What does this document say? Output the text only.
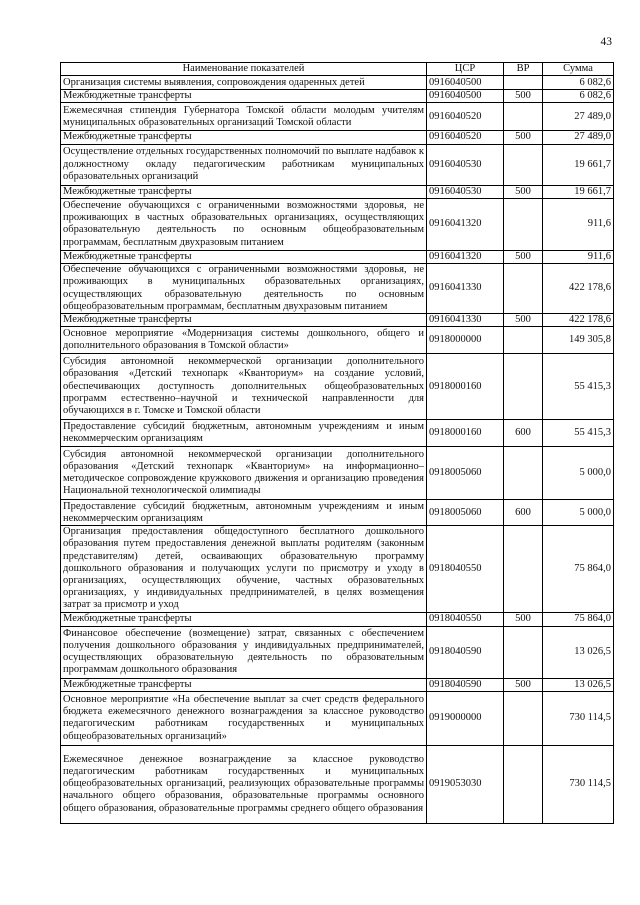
43
Наименование показателей	ЦСР	ВР	Сумма
Организация системы выявления, сопровождения одаренных детей	0916040500		6 082,6
Межбюджетные трансферты	0916040500	500	6 082,6
Ежемесячная стипендия Губернатора Томской области молодым учителям муниципальных образовательных организаций Томской области	0916040520		27 489,0
Межбюджетные трансферты	0916040520	500	27 489,0
Осуществление отдельных государственных полномочий по выплате надбавок к должностному окладу педагогическим работникам муниципальных образовательных организаций	0916040530		19 661,7
Межбюджетные трансферты	0916040530	500	19 661,7
Обеспечение обучающихся с ограниченными возможностями здоровья, не проживающих в частных образовательных организациях, осуществляющих образовательную деятельность по основным общеобразовательным программам, бесплатным двухразовым питанием	0916041320		911,6
Межбюджетные трансферты	0916041320	500	911,6
Обеспечение обучающихся с ограниченными возможностями здоровья, не проживающих в муниципальных образовательных организациях, осуществляющих образовательную деятельность по основным общеобразовательным программам, бесплатным двухразовым питанием	0916041330		422 178,6
Межбюджетные трансферты	0916041330	500	422 178,6
Основное мероприятие «Модернизация системы дошкольного, общего и дополнительного образования в Томской области»	0918000000		149 305,8
Субсидия автономной некоммерческой организации дополнительного образования «Детский технопарк «Кванториум» на создание условий, обеспечивающих доступность дополнительных общеобразовательных программ естественно–научной и технической направленности для обучающихся в г. Томске и Томской области	0918000160		55 415,3
Предоставление субсидий бюджетным, автономным учреждениям и иным некоммерческим организациям	0918000160	600	55 415,3
Субсидия автономной некоммерческой организации дополнительного образования «Детский технопарк «Кванториум» на информационно–методическое сопровождение кружкового движения и организацию проведения Национальной технологической олимпиады	0918005060		5 000,0
Предоставление субсидий бюджетным, автономным учреждениям и иным некоммерческим организациям	0918005060	600	5 000,0
Организация предоставления общедоступного бесплатного дошкольного образования путем предоставления денежной выплаты родителям (законным представителям) детей, осваивающих образовательную программу дошкольного образования и получающих услуги по присмотру и уходу в организациях, осуществляющих обучение, частных образовательных организациях, у индивидуальных предпринимателей, в целях возмещения затрат за присмотр и уход	0918040550		75 864,0
Межбюджетные трансферты	0918040550	500	75 864,0
Финансовое обеспечение (возмещение) затрат, связанных с обеспечением получения дошкольного образования у индивидуальных предпринимателей, осуществляющих образовательную деятельность по образовательным программам дошкольного образования	0918040590		13 026,5
Межбюджетные трансферты	0918040590	500	13 026,5
Основное мероприятие «На обеспечение выплат за счет средств федерального бюджета ежемесячного денежного вознаграждения за классное руководство педагогическим работникам государственных и муниципальных общеобразовательных организаций»	0919000000		730 114,5
Ежемесячное денежное вознаграждение за классное руководство педагогическим работникам государственных и муниципальных общеобразовательных организаций, реализующих образовательные программы начального общего образования, образовательные программы основного общего образования, образовательные программы среднего общего образования	0919053030		730 114,5
